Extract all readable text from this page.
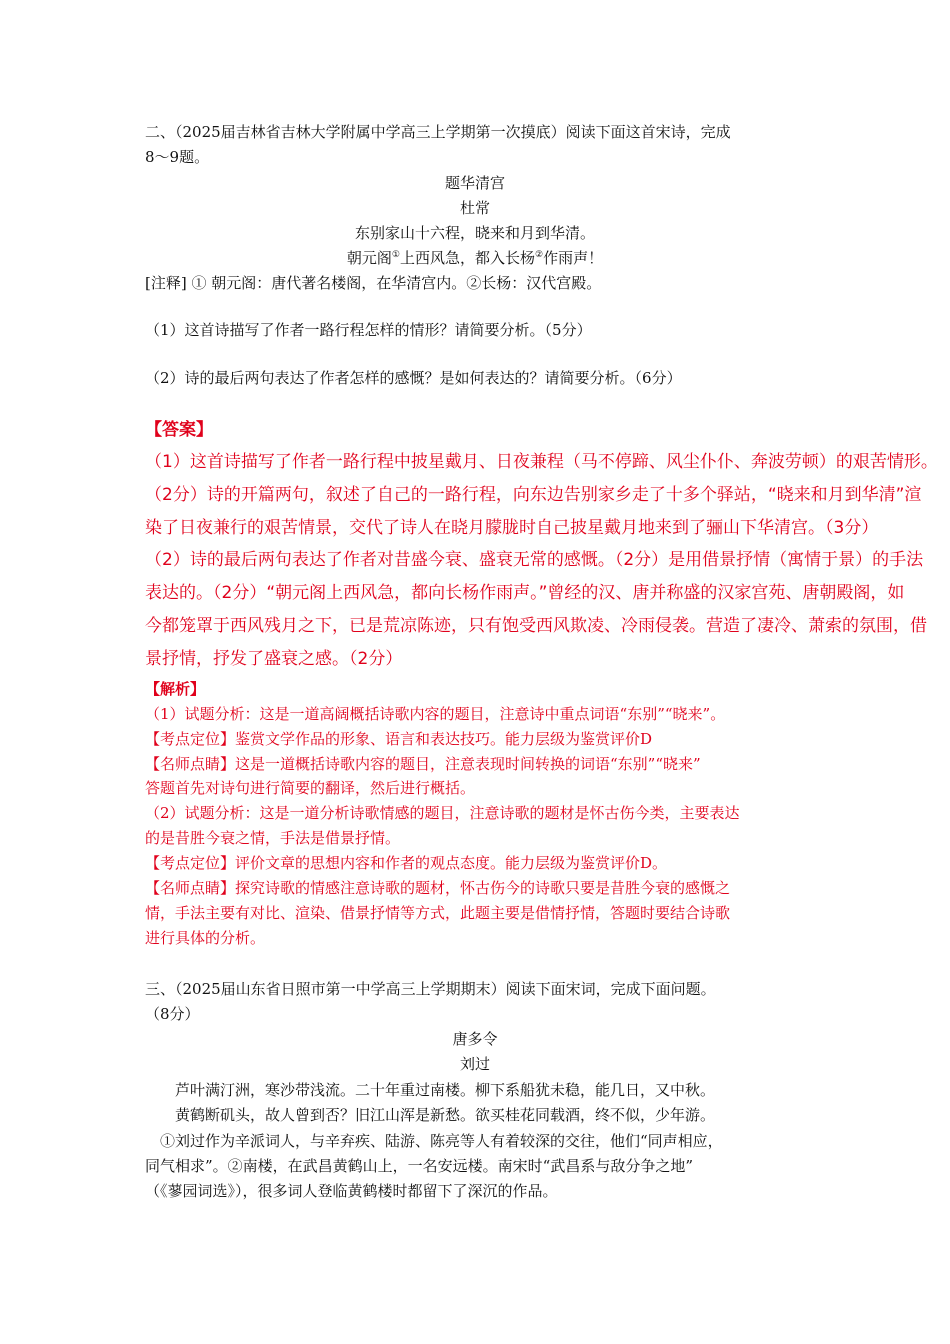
二、（2025届吉林省吉林大学附属中学高三上学期第一次摸底）阅读下面这首宋诗，完成
8～9题。
题华清宫
杜常
东别家山十六程，晓来和月到华清。
朝元阁①上西风急，都入长杨②作雨声！
[注释] ① 朝元阁：唐代著名楼阁，在华清宫内。②长杨：汉代宫殿。
（1）这首诗描写了作者一路行程怎样的情形？请简要分析。（5分）
（2）诗的最后两句表达了作者怎样的感慨？是如何表达的？请简要分析。（6分）
【答案】
（1）这首诗描写了作者一路行程中披星戴月、日夜兼程（马不停蹄、风尘仆仆、奔波劳顿）的艰苦情形。
（2分）诗的开篇两句，叙述了自己的一路行程，向东边告别家乡走了十多个驿站，“晓来和月到华清”渲
染了日夜兼行的艰苦情景，交代了诗人在晓月朦胧时自己披星戴月地来到了骊山下华清宫。（3分）
（2）诗的最后两句表达了作者对昔盛今衰、盛衰无常的感慨。（2分）是用借景抒情（寓情于景）的手法
表达的。（2分）“朝元阁上西风急，都向长杨作雨声。”曾经的汉、唐并称盛的汉家宫苑、唐朝殿阁，如
今都笼罩于西风残月之下，已是荒凉陈迹，只有饱受西风欺凌、冷雨侵袭。营造了凄冷、萧索的氛围，借
景抒情，抒发了盛衰之感。（2分）
【解析】
（1）试题分析：这是一道高阔概括诗歌内容的题目，注意诗中重点词语“东别”“晓来”。
【考点定位】鉴赏文学作品的形象、语言和表达技巧。能力层级为鉴赏评价D
【名师点睛】这是一道概括诗歌内容的题目，注意表现时间转换的词语“东别”“晓来”
答题首先对诗句进行简要的翻译，然后进行概括。
（2）试题分析：这是一道分析诗歌情感的题目，注意诗歌的题材是怀古伤今类，主要表达
的是昔胜今衰之情，手法是借景抒情。
【考点定位】评价文章的思想内容和作者的观点态度。能力层级为鉴赏评价D。
【名师点睛】探究诗歌的情感注意诗歌的题材，怀古伤今的诗歌只要是昔胜今衰的感慨之
情，手法主要有对比、渲染、借景抒情等方式，此题主要是借情抒情，答题时要结合诗歌
进行具体的分析。
三、（2025届山东省日照市第一中学高三上学期期末）阅读下面宋词，完成下面问题。
（8分）
唐多令
刘过
芦叶满汀洲，寒沙带浅流。二十年重过南楼。柳下系船犹未稳，能几日，又中秋。
黄鹤断矶头，故人曾到否？旧江山浑是新愁。欲买桂花同载酒，终不似，少年游。
①刘过作为辛派词人，与辛弃疾、陆游、陈亮等人有着较深的交往，他们“同声相应，
同气相求”。②南楼，在武昌黄鹤山上，一名安远楼。南宋时“武昌系与敌分争之地”
（《蓼园词选》），很多词人登临黄鹤楼时都留下了深沉的作品。
